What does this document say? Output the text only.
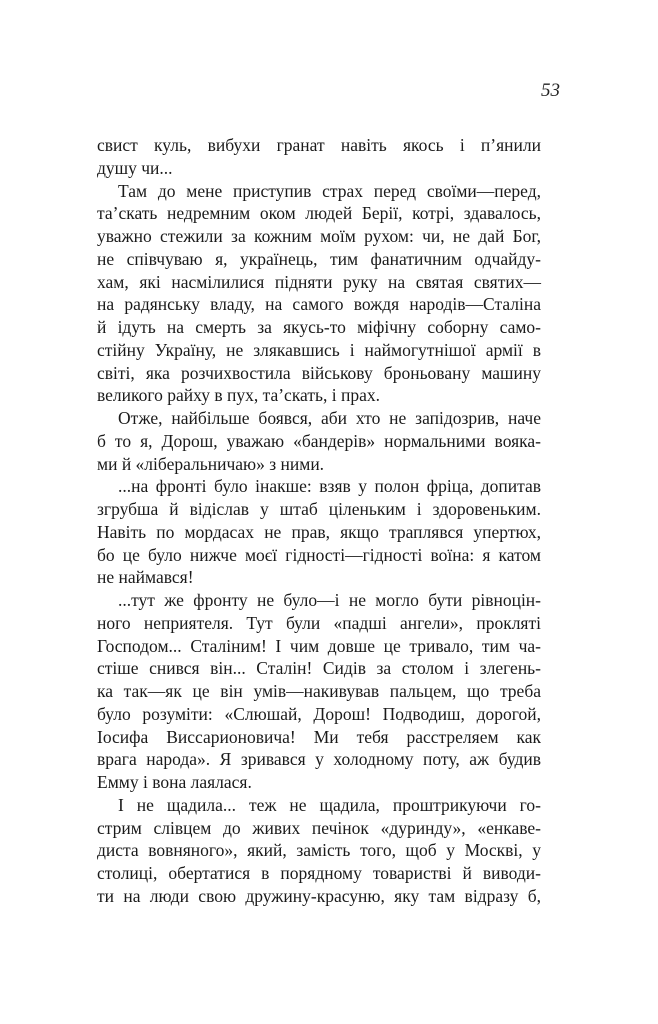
53
свист куль, вибухи гранат навіть якось і п’янили
душу чи...
Там до мене приступив страх перед своїми—перед,
та’скать недремним оком людей Берії, котрі, здавалось,
уважно стежили за кожним моїм рухом: чи, не дай Бог,
не співчуваю я, українець, тим фанатичним одчайду-
хам, які насмілилися підняти руку на святая святих—
на радянську владу, на самого вождя народів—Сталіна
й ідуть на смерть за якусь-то міфічну соборну само-
стійну Україну, не злякавшись і наймогутнішої армії в
світі, яка розчихвостила військову броньовану машину
великого райху в пух, та’скать, і прах.
Отже, найбільше боявся, аби хто не запідозрив, наче
б то я, Дорош, уважаю «бандерів» нормальними вояка-
ми й «ліберальничаю» з ними.
...на фронті було інакше: взяв у полон фріца, допитав
згрубша й відіслав у штаб ціленьким і здоровеньким.
Навіть по мордасах не прав, якщо траплявся упертюх,
бо це було нижче моєї гідності—гідності воїна: я катом
не наймався!
...тут же фронту не було—і не могло бути рівноцін-
ного неприятеля. Тут були «падші ангели», прокляті
Господом... Сталіним! І чим довше це тривало, тим ча-
стіше снився він... Сталін! Сидів за столом і злегень-
ка так—як це він умів—накивував пальцем, що треба
було розуміти: «Слюшай, Дорош! Подводиш, дорогой,
Іосифа Виссарионовича! Ми тебя расстреляем как
врага народа». Я зривався у холодному поту, аж будив
Емму і вона лаялася.
І не щадила... теж не щадила, проштрикуючи го-
стрим слівцем до живих печінок «дуринду», «енкаве-
диста вовняного», який, замість того, щоб у Москві, у
столиці, обертатися в порядному товаристві й виводи-
ти на люди свою дружину-красуню, яку там відразу б,
